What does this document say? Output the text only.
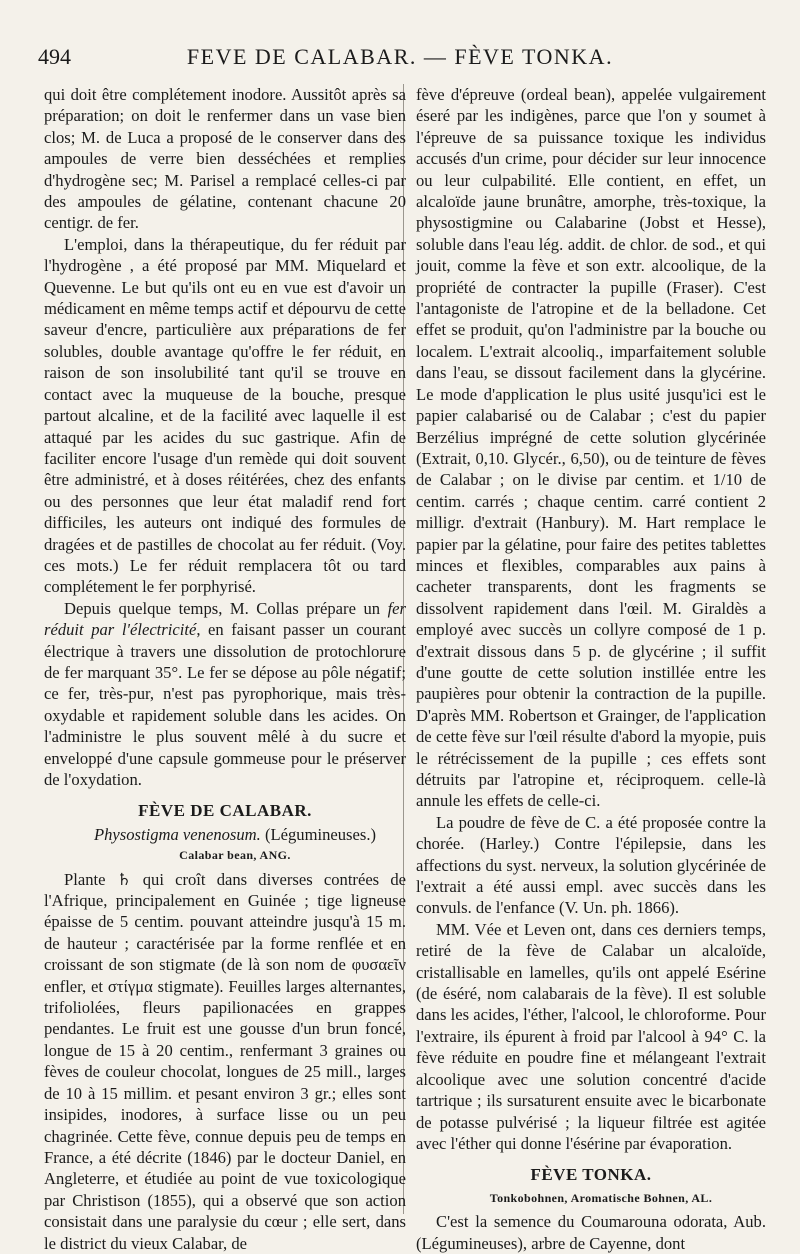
494	FEVE DE CALABAR. — FÈVE TONKA.

qui doit être complétement inodore. Aussitôt après sa préparation; on doit le renfermer dans un vase bien clos; M. de Luca a proposé de le conserver dans des ampoules de verre bien desséchées et remplies d'hydrogène sec; M. Parisel a remplacé celles-ci par des ampoules de gélatine, contenant chacune 20 centigr. de fer.

L'emploi, dans la thérapeutique, du fer réduit par l'hydrogène , a été proposé par MM. Miquelard et Quevenne. Le but qu'ils ont eu en vue est d'avoir un médicament en même temps actif et dépourvu de cette saveur d'encre, particulière aux préparations de fer solubles, double avantage qu'offre le fer réduit, en raison de son insolubilité tant qu'il se trouve en contact avec la muqueuse de la bouche, presque partout alcaline, et de la facilité avec laquelle il est attaqué par les acides du suc gastrique. Afin de faciliter encore l'usage d'un remède qui doit souvent être administré, et à doses réitérées, chez des enfants ou des personnes que leur état maladif rend fort difficiles, les auteurs ont indiqué des formules de dragées et de pastilles de chocolat au fer réduit. (Voy. ces mots.) Le fer réduit remplacera tôt ou tard complétement le fer porphyrisé.

Depuis quelque temps, M. Collas prépare un fer réduit par l'électricité, en faisant passer un courant électrique à travers une dissolution de protochlorure de fer marquant 35°. Le fer se dépose au pôle négatif; ce fer, très-pur, n'est pas pyrophorique, mais très-oxydable et rapidement soluble dans les acides. On l'administre le plus souvent mêlé à du sucre et enveloppé d'une capsule gommeuse pour le préserver de l'oxydation.

FÈVE DE CALABAR.

Physostigma venenosum. (Légumineuses.)

Calabar bean, ANG.

Plante ♄ qui croît dans diverses contrées de l'Afrique, principalement en Guinée ; tige ligneuse épaisse de 5 centim. pouvant atteindre jusqu'à 15 m. de hauteur ; caractérisée par la forme renflée et en croissant de son stigmate (de là son nom de φυσαεῖν enfler, et στίγμα stigmate). Feuilles larges alternantes, trifoliolées, fleurs papilionacées en grappes pendantes. Le fruit est une gousse d'un brun foncé, longue de 15 à 20 centim., renfermant 3 graines ou fèves de couleur chocolat, longues de 25 mill., larges de 10 à 15 millim. et pesant environ 3 gr.; elles sont insipides, inodores, à surface lisse ou un peu chagrinée. Cette fève, connue depuis peu de temps en France, a été décrite (1846) par le docteur Daniel, en Angleterre, et étudiée au point de vue toxicologique par Christison (1855), qui a observé que son action consistait dans une paralysie du cœur ; elle sert, dans le district du vieux Calabar, de

fève d'épreuve (ordeal bean), appelée vulgairement éseré par les indigènes, parce que l'on y soumet à l'épreuve de sa puissance toxique les individus accusés d'un crime, pour décider sur leur innocence ou leur culpabilité. Elle contient, en effet, un alcaloïde jaune brunâtre, amorphe, très-toxique, la physostigmine ou Calabarine (Jobst et Hesse), soluble dans l'eau lég. addit. de chlor. de sod., et qui jouit, comme la fève et son extr. alcoolique, de la propriété de contracter la pupille (Fraser). C'est l'antagoniste de l'atropine et de la belladone. Cet effet se produit, qu'on l'administre par la bouche ou localem. L'extrait alcooliq., imparfaitement soluble dans l'eau, se dissout facilement dans la glycérine. Le mode d'application le plus usité jusqu'ici est le papier calabarisé ou de Calabar ; c'est du papier Berzélius imprégné de cette solution glycérinée (Extrait, 0,10. Glycér., 6,50), ou de teinture de fèves de Calabar ; on le divise par centim. et 1/10 de centim. carrés ; chaque centim. carré contient 2 milligr. d'extrait (Hanbury). M. Hart remplace le papier par la gélatine, pour faire des petites tablettes minces et flexibles, comparables aux pains à cacheter transparents, dont les fragments se dissolvent rapidement dans l'œil. M. Giraldès a employé avec succès un collyre composé de 1 p. d'extrait dissous dans 5 p. de glycérine ; il suffit d'une goutte de cette solution instillée entre les paupières pour obtenir la contraction de la pupille. D'après MM. Robertson et Grainger, de l'application de cette fève sur l'œil résulte d'abord la myopie, puis le rétrécissement de la pupille ; ces effets sont détruits par l'atropine et, réciproquem. celle-là annule les effets de celle-ci.

La poudre de fève de C. a été proposée contre la chorée. (Harley.) Contre l'épilepsie, dans les affections du syst. nerveux, la solution glycérinée de l'extrait a été aussi empl. avec succès dans les convuls. de l'enfance (V. Un. ph. 1866).

MM. Vée et Leven ont, dans ces derniers temps, retiré de la fève de Calabar un alcaloïde, cristallisable en lamelles, qu'ils ont appelé Esérine (de éséré, nom calabarais de la fève). Il est soluble dans les acides, l'éther, l'alcool, le chloroforme. Pour l'extraire, ils épurent à froid par l'alcool à 94° C. la fève réduite en poudre fine et mélangeant l'extrait alcoolique avec une solution concentré d'acide tartrique ; ils sursaturent ensuite avec le bicarbonate de potasse pulvérisé ; la liqueur filtrée est agitée avec l'éther qui donne l'ésérine par évaporation.

FÈVE TONKA.

Tonkobohnen, Aromatische Bohnen, AL.

C'est la semence du Coumarouna odorata, Aub. (Légumineuses), arbre de Cayenne, dont
